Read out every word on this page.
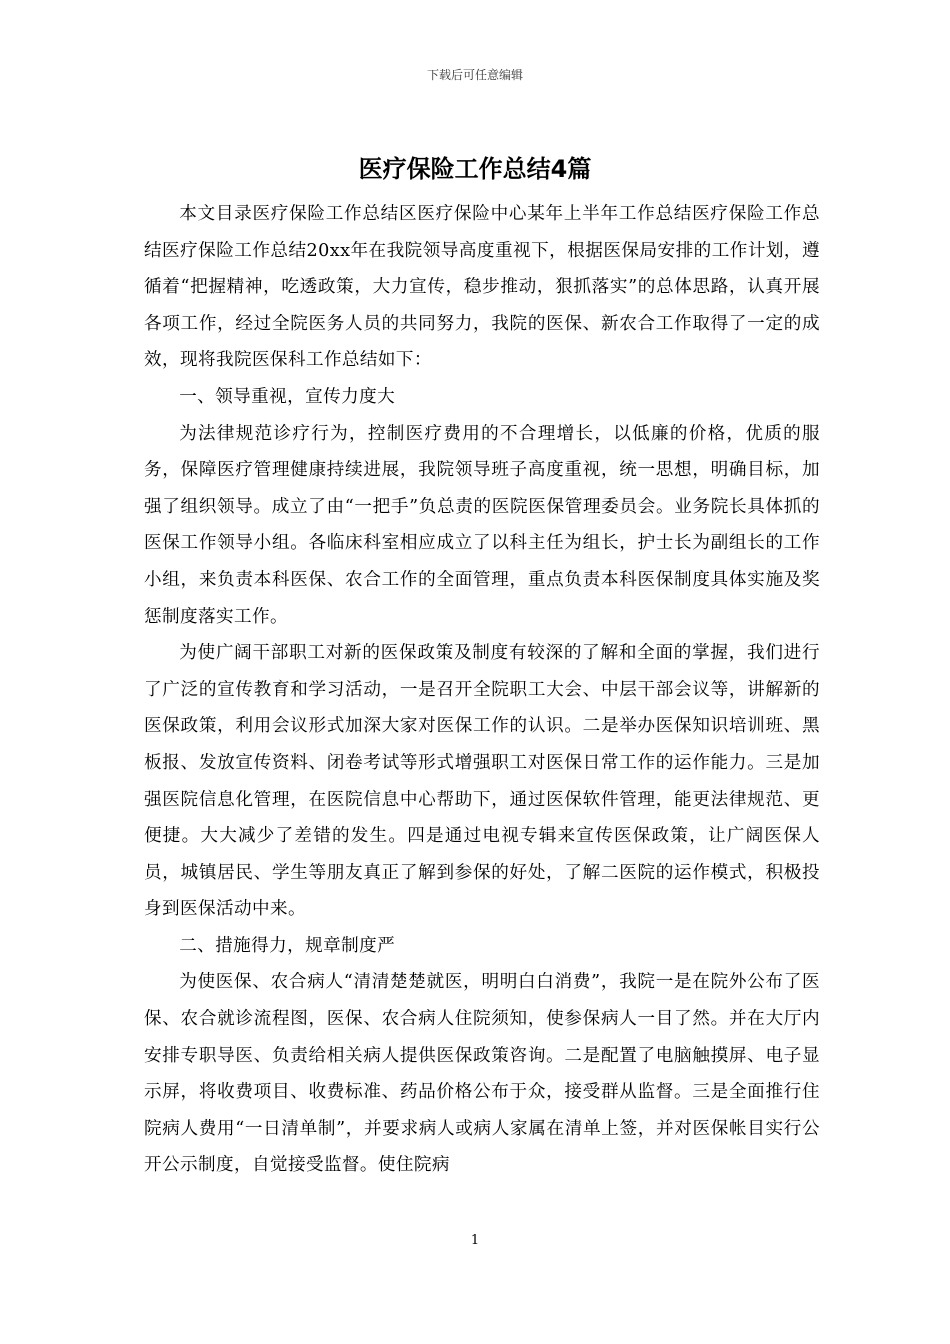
下载后可任意编辑
医疗保险工作总结4篇

本文目录医疗保险工作总结区医疗保险中心某年上半年工作总结医疗保险工作总结医疗保险工作总结20xx年在我院领导高度重视下，根据医保局安排的工作计划，遵循着“把握精神，吃透政策，大力宣传，稳步推动，狠抓落实”的总体思路，认真开展各项工作，经过全院医务人员的共同努力，我院的医保、新农合工作取得了一定的成效，现将我院医保科工作总结如下：

一、领导重视，宣传力度大

为法律规范诊疗行为，控制医疗费用的不合理增长，以低廉的价格，优质的服务，保障医疗管理健康持续进展，我院领导班子高度重视，统一思想，明确目标，加强了组织领导。成立了由“一把手”负总责的医院医保管理委员会。业务院长具体抓的医保工作领导小组。各临床科室相应成立了以科主任为组长，护士长为副组长的工作小组，来负责本科医保、农合工作的全面管理，重点负责本科医保制度具体实施及奖惩制度落实工作。

为使广阔干部职工对新的医保政策及制度有较深的了解和全面的掌握，我们进行了广泛的宣传教育和学习活动，一是召开全院职工大会、中层干部会议等，讲解新的医保政策，利用会议形式加深大家对医保工作的认识。二是举办医保知识培训班、黑板报、发放宣传资料、闭卷考试等形式增强职工对医保日常工作的运作能力。三是加强医院信息化管理，在医院信息中心帮助下，通过医保软件管理，能更法律规范、更便捷。大大减少了差错的发生。四是通过电视专辑来宣传医保政策，让广阔医保人员，城镇居民、学生等朋友真正了解到参保的好处，了解二医院的运作模式，积极投身到医保活动中来。

二、措施得力，规章制度严

为使医保、农合病人“清清楚楚就医，明明白白消费”，我院一是在院外公布了医保、农合就诊流程图，医保、农合病人住院须知，使参保病人一目了然。并在大厅内安排专职导医、负责给相关病人提供医保政策咨询。二是配置了电脑触摸屏、电子显示屏，将收费项目、收费标准、药品价格公布于众，接受群从监督。三是全面推行住院病人费用“一日清单制”，并要求病人或病人家属在清单上签，并对医保帐目实行公开公示制度，自觉接受监督。使住院病

1
